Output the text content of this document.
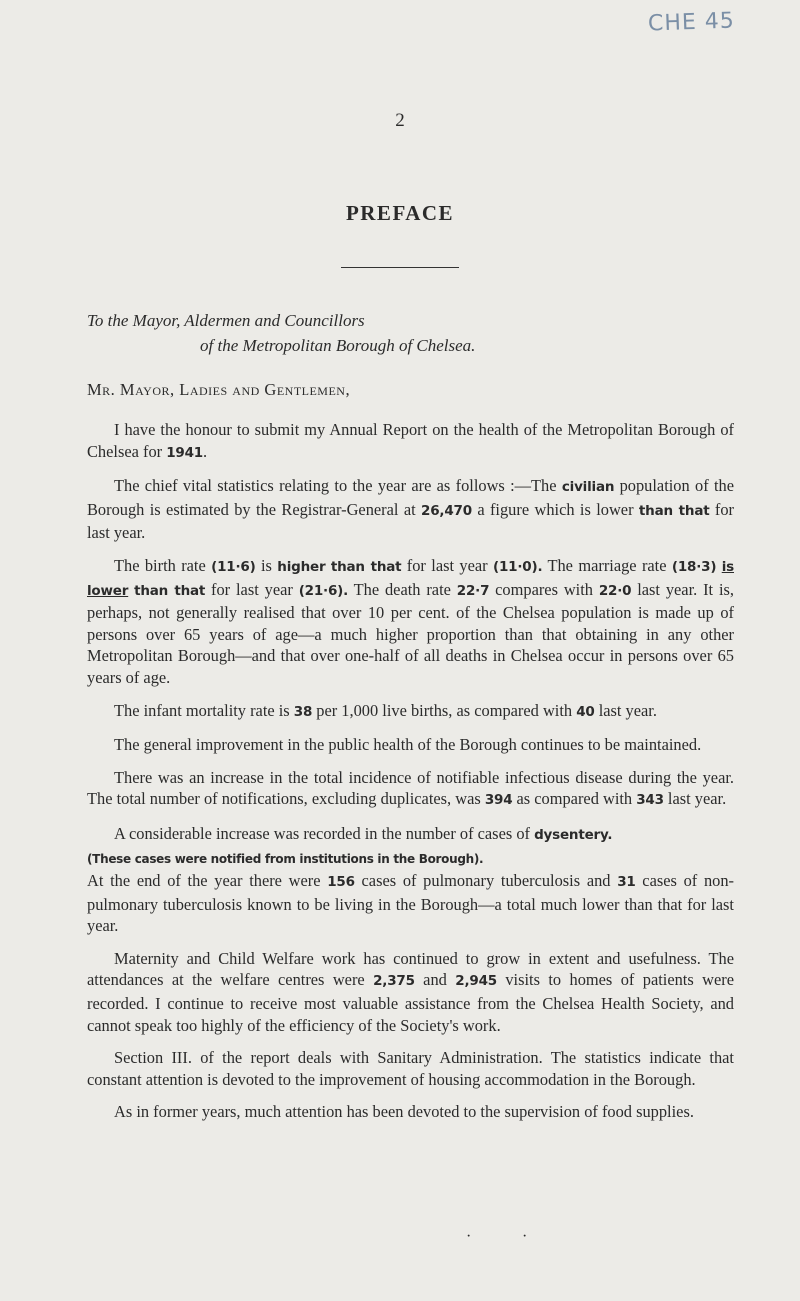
CHE 45
2
PREFACE
To the Mayor, Aldermen and Councillors
of the Metropolitan Borough of Chelsea.
Mr. Mayor, Ladies and Gentlemen,

I have the honour to submit my Annual Report on the health of the Metropolitan Borough of Chelsea for 1941.

The chief vital statistics relating to the year are as follows :—The civilian population of the Borough is estimated by the Registrar-General at 26,470 a figure which is lower than that for last year.

The birth rate (11·6) is higher than that for last year (11·0). The marriage rate (18·3) is lower than that for last year (21·6). The death rate 22·7 compares with 22·0 last year. It is, perhaps, not generally realised that over 10 per cent. of the Chelsea population is made up of persons over 65 years of age—a much higher proportion than that obtaining in any other Metropolitan Borough—and that over one-half of all deaths in Chelsea occur in persons over 65 years of age.

The infant mortality rate is 38 per 1,000 live births, as compared with 40 last year.

The general improvement in the public health of the Borough continues to be maintained.

There was an increase in the total incidence of notifiable infectious disease during the year. The total number of notifications, excluding duplicates, was 394 as compared with 343 last year.

A considerable increase was recorded in the number of cases of dysentery.
(These cases were notified from institutions in the Borough).

At the end of the year there were 156 cases of pulmonary tuberculosis and 31 cases of non-pulmonary tuberculosis known to be living in the Borough—a total much lower than that for last year.

Maternity and Child Welfare work has continued to grow in extent and usefulness. The attendances at the welfare centres were 2,375 and 2,945 visits to homes of patients were recorded. I continue to receive most valuable assistance from the Chelsea Health Society, and cannot speak too highly of the efficiency of the Society's work.

Section III. of the report deals with Sanitary Administration. The statistics indicate that constant attention is devoted to the improvement of housing accommodation in the Borough.

As in former years, much attention has been devoted to the supervision of food supplies.

·	·
